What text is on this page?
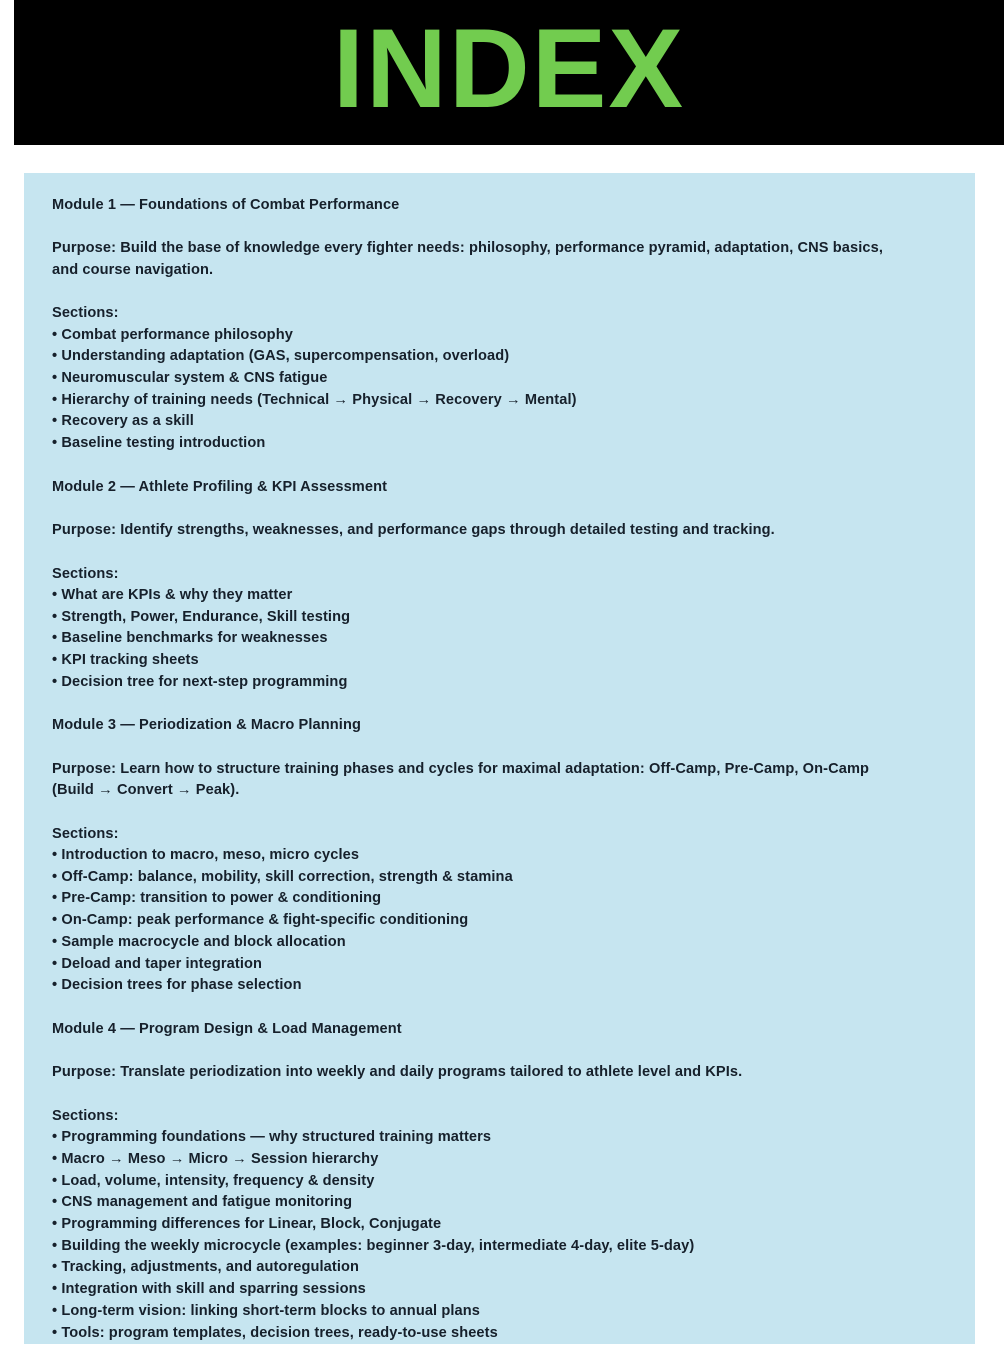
INDEX
Module 1 — Foundations of Combat Performance
Purpose: Build the base of knowledge every fighter needs: philosophy, performance pyramid, adaptation, CNS basics, and course navigation.
Sections:
• Combat performance philosophy
• Understanding adaptation (GAS, supercompensation, overload)
• Neuromuscular system & CNS fatigue
• Hierarchy of training needs (Technical → Physical → Recovery → Mental)
• Recovery as a skill
• Baseline testing introduction
Module 2 — Athlete Profiling & KPI Assessment
Purpose: Identify strengths, weaknesses, and performance gaps through detailed testing and tracking.
Sections:
• What are KPIs & why they matter
• Strength, Power, Endurance, Skill testing
• Baseline benchmarks for weaknesses
• KPI tracking sheets
• Decision tree for next-step programming
Module 3 — Periodization & Macro Planning
Purpose: Learn how to structure training phases and cycles for maximal adaptation: Off-Camp, Pre-Camp, On-Camp (Build → Convert → Peak).
Sections:
• Introduction to macro, meso, micro cycles
• Off-Camp: balance, mobility, skill correction, strength & stamina
• Pre-Camp: transition to power & conditioning
• On-Camp: peak performance & fight-specific conditioning
• Sample macrocycle and block allocation
• Deload and taper integration
• Decision trees for phase selection
Module 4 — Program Design & Load Management
Purpose: Translate periodization into weekly and daily programs tailored to athlete level and KPIs.
Sections:
• Programming foundations — why structured training matters
• Macro → Meso → Micro → Session hierarchy
• Load, volume, intensity, frequency & density
• CNS management and fatigue monitoring
• Programming differences for Linear, Block, Conjugate
• Building the weekly microcycle (examples: beginner 3-day, intermediate 4-day, elite 5-day)
• Tracking, adjustments, and autoregulation
• Integration with skill and sparring sessions
• Long-term vision: linking short-term blocks to annual plans
• Tools: program templates, decision trees, ready-to-use sheets
